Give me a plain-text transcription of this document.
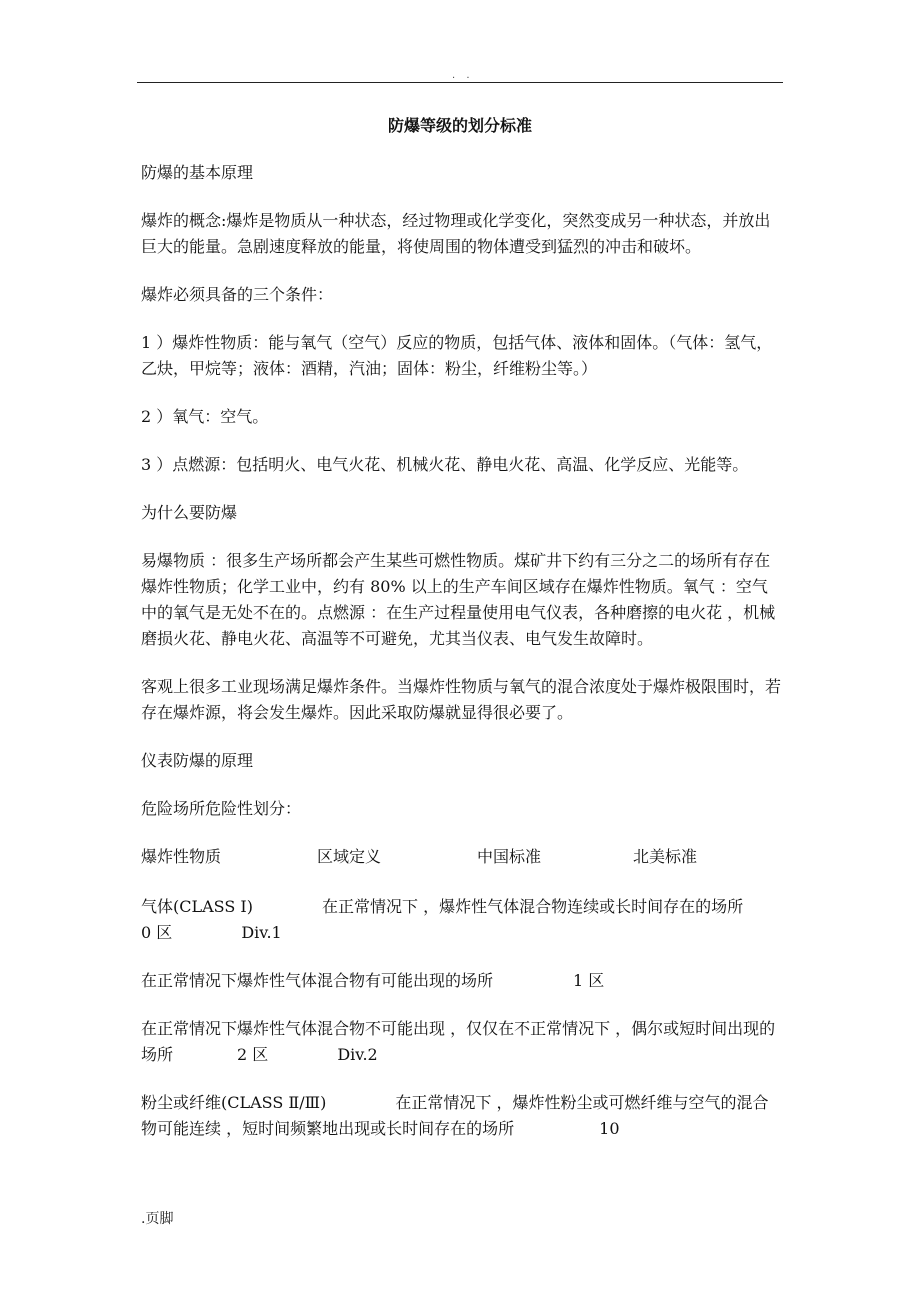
. .
防爆等级的划分标准

防爆的基本原理

爆炸的概念:爆炸是物质从一种状态，经过物理或化学变化，突然变成另一种状态，并放出巨大的能量。急剧速度释放的能量，将使周围的物体遭受到猛烈的冲击和破坏。

爆炸必须具备的三个条件：

1 ）爆炸性物质：能与氧气（空气）反应的物质，包括气体、液体和固体。（气体：氢气，乙炔，甲烷等；液体：酒精，汽油；固体：粉尘，纤维粉尘等。）

2 ）氧气：空气。

3 ）点燃源：包括明火、电气火花、机械火花、静电火花、高温、化学反应、光能等。

为什么要防爆

易爆物质 ：很多生产场所都会产生某些可燃性物质。煤矿井下约有三分之二的场所有存在爆炸性物质；化学工业中，约有 80% 以上的生产车间区域存在爆炸性物质。氧气 ：空气中的氧气是无处不在的。点燃源 ：在生产过程量使用电气仪表，各种磨擦的电火花 ，机械磨损火花、静电火花、高温等不可避免，尤其当仪表、电气发生故障时。

客观上很多工业现场满足爆炸条件。当爆炸性物质与氧气的混合浓度处于爆炸极限围时，若存在爆炸源，将会发生爆炸。因此采取防爆就显得很必要了。

仪表防爆的原理

危险场所危险性划分：

爆炸性物质	区域定义	中国标准	北美标准

气体(CLASS Ⅰ)　　　　 在正常情况下 ，爆炸性气体混合物连续或长时间存在的场所　　　　0 区　　　　 Div.1

在正常情况下爆炸性气体混合物有可能出现的场所　　　　　1 区

在正常情况下爆炸性气体混合物不可能出现 ，仅仅在不正常情况下 ，偶尔或短时间出现的场所　　　　2 区　　　　 Div.2

粉尘或纤维(CLASS Ⅱ/Ⅲ)　　　　 在正常情况下 ，爆炸性粉尘或可燃纤维与空气的混合物可能连续 ，短时间频繁地出现或长时间存在的场所　　　　　 10

.页脚
